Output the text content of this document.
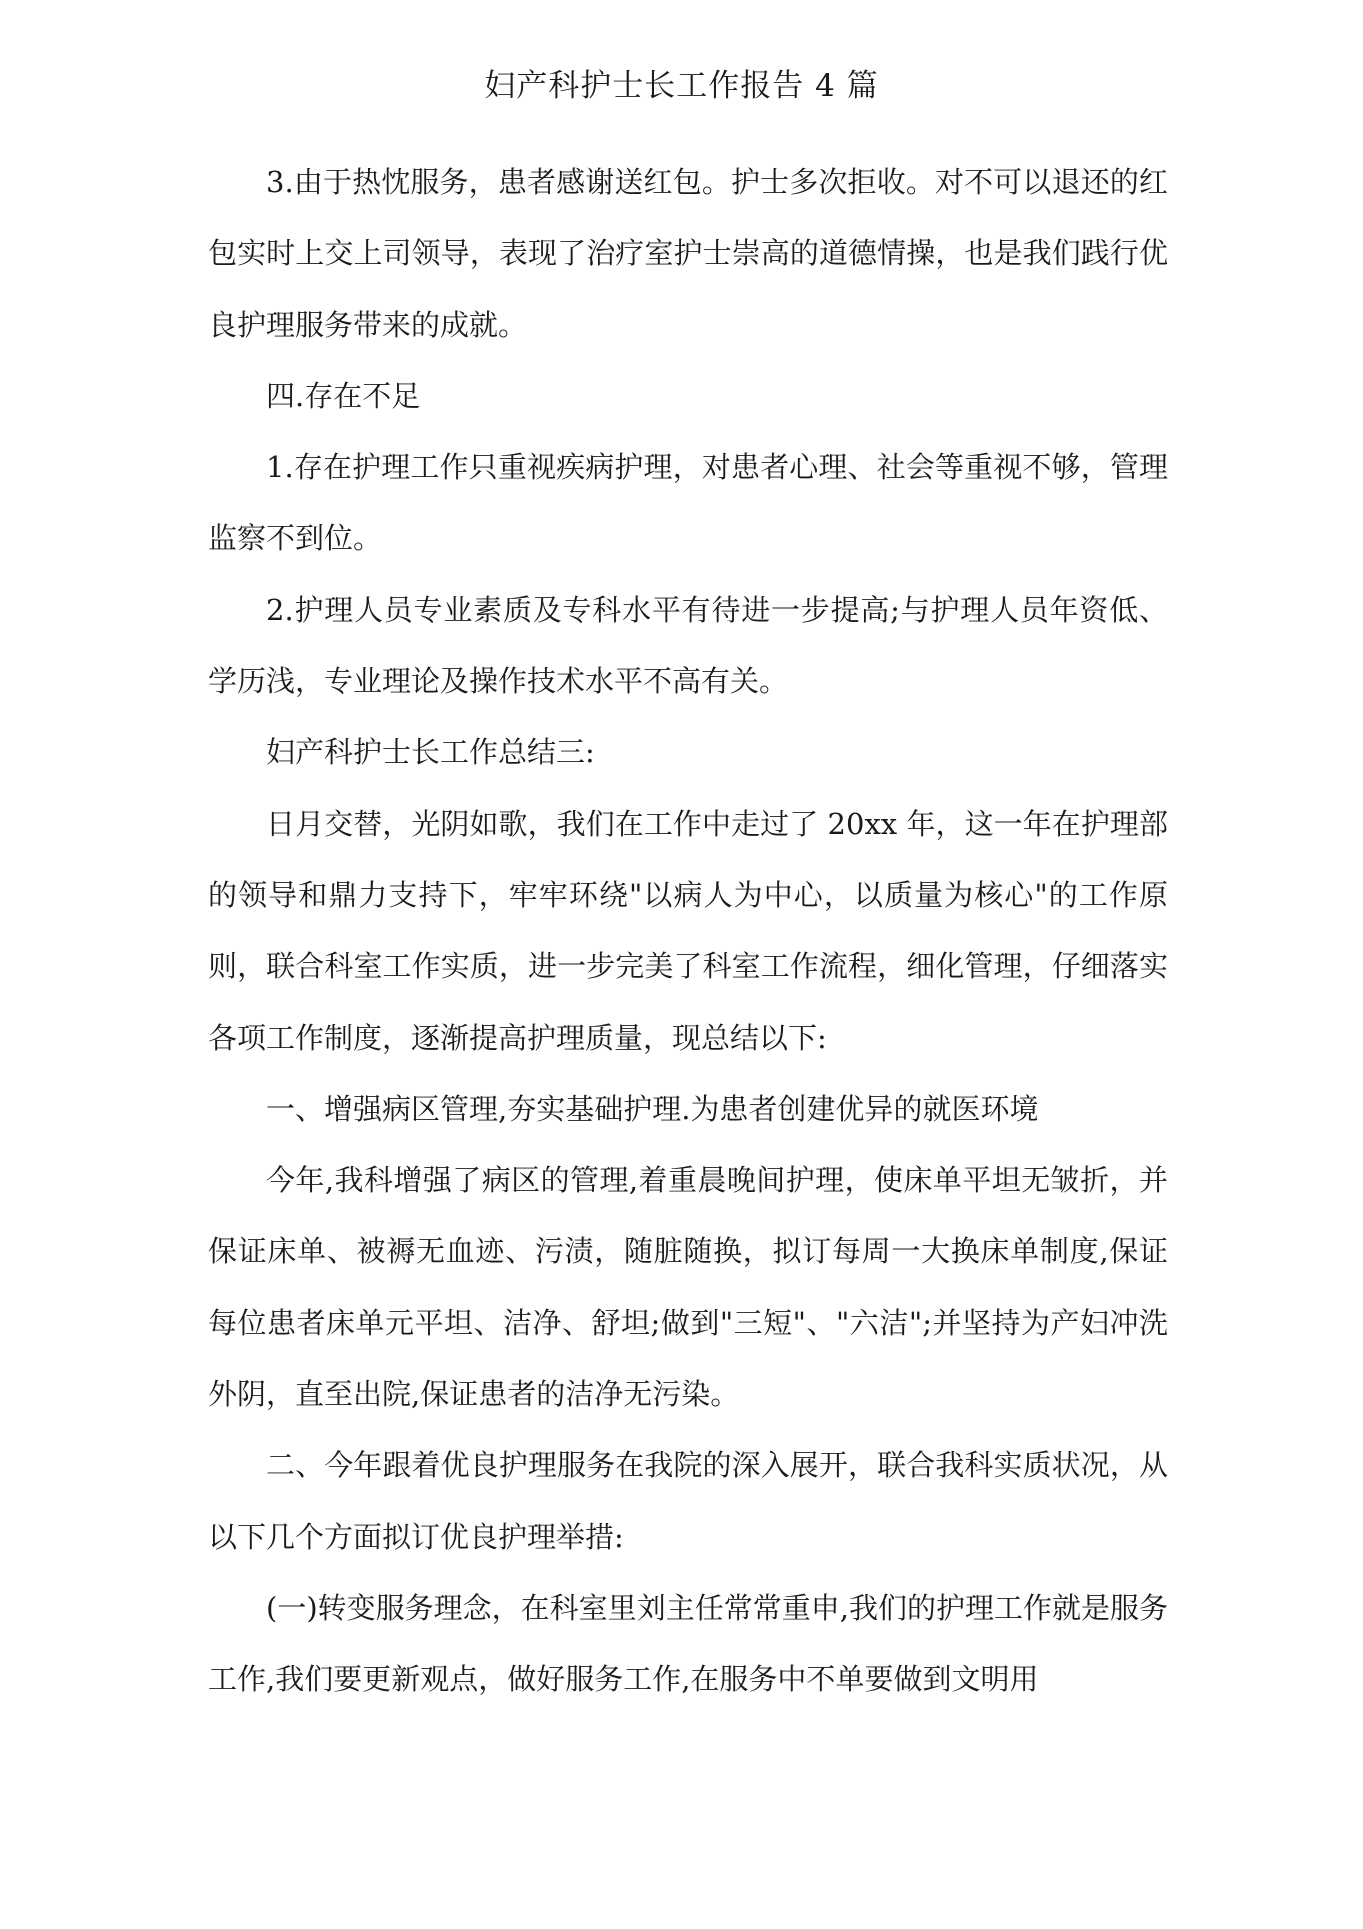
妇产科护士长工作报告 4 篇

3.由于热忱服务，患者感谢送红包。护士多次拒收。对不可以退还的红包实时上交上司领导，表现了治疗室护士崇高的道德情操，也是我们践行优良护理服务带来的成就。

四.存在不足

1.存在护理工作只重视疾病护理，对患者心理、社会等重视不够，管理监察不到位。

2.护理人员专业素质及专科水平有待进一步提高;与护理人员年资低、学历浅，专业理论及操作技术水平不高有关。

妇产科护士长工作总结三:

日月交替，光阴如歌，我们在工作中走过了 20xx 年，这一年在护理部的领导和鼎力支持下，牢牢环绕"以病人为中心，以质量为核心"的工作原则，联合科室工作实质，进一步完美了科室工作流程，细化管理，仔细落实各项工作制度，逐渐提高护理质量，现总结以下:

一、增强病区管理,夯实基础护理.为患者创建优异的就医环境

今年,我科增强了病区的管理,着重晨晚间护理，使床单平坦无皱折，并保证床单、被褥无血迹、污渍，随脏随换，拟订每周一大换床单制度,保证每位患者床单元平坦、洁净、舒坦;做到"三短"、"六洁";并坚持为产妇冲洗外阴，直至出院,保证患者的洁净无污染。

二、今年跟着优良护理服务在我院的深入展开，联合我科实质状况，从以下几个方面拟订优良护理举措:

(一)转变服务理念，在科室里刘主任常常重申,我们的护理工作就是服务工作,我们要更新观点，做好服务工作,在服务中不单要做到文明用
